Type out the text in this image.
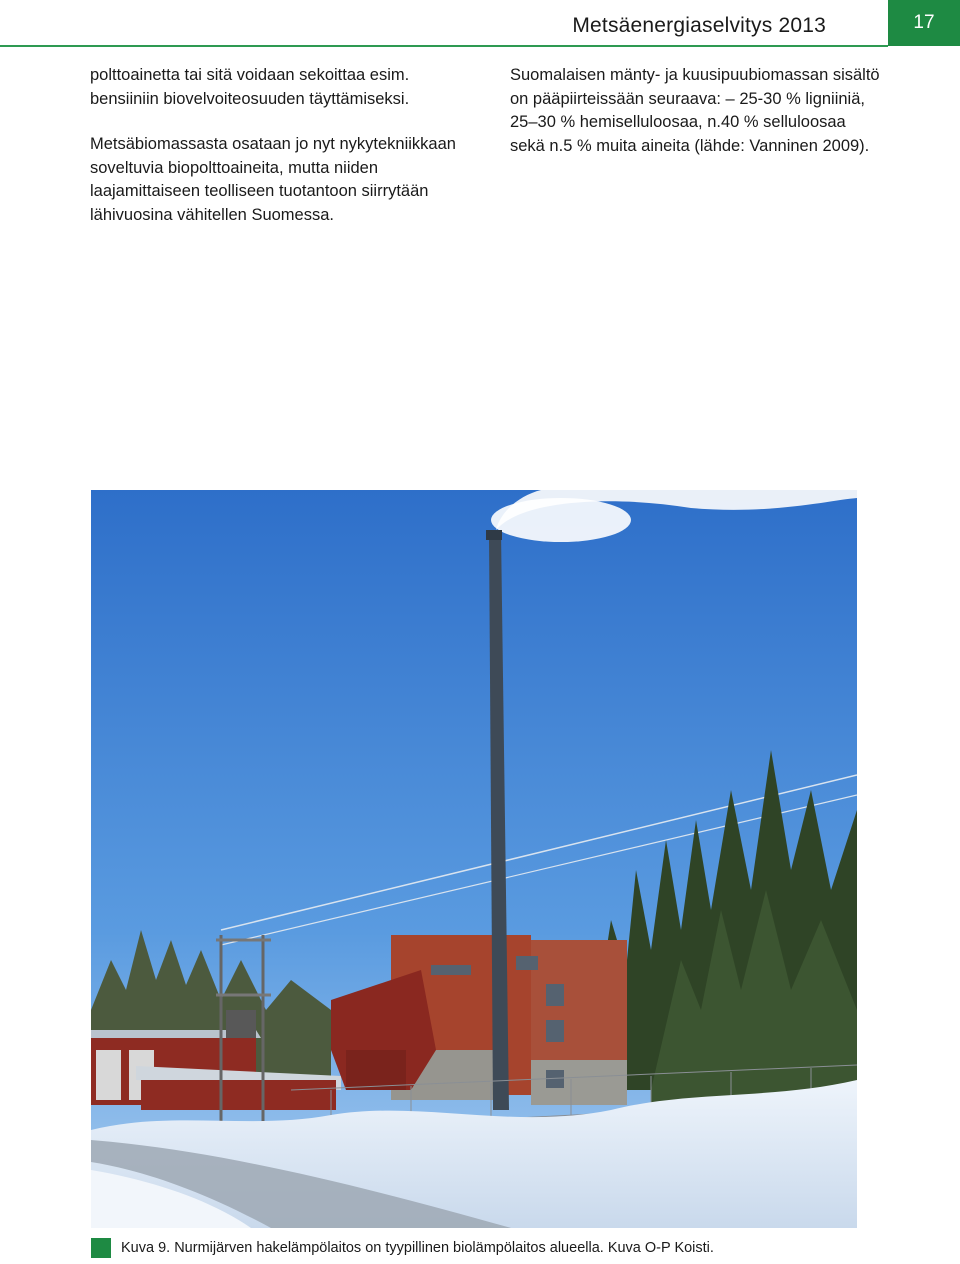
Metsäenergiaselvitys 2013	17

polttoainetta tai sitä voidaan sekoittaa esim. bensiiniin biovelvoiteosuuden täyttämiseksi.

Metsäbiomassasta osataan jo nyt nykytekniikkaan soveltuvia biopolttoaineita, mutta niiden laajamittaiseen teolliseen tuotantoon siirrytään lähivuosina vähitellen Suomessa.

Suomalaisen mänty- ja kuusipuubiomassan sisältö on pääpiirteissään seuraava: – 25-30 % ligniiniä, 25–30 % hemiselluloosaa, n.40 % selluloosaa sekä n.5 % muita aineita (lähde: Vanninen 2009).

Kuva 9. Nurmijärven hakelämpölaitos on tyypillinen biolämpölaitos alueella. Kuva O-P Koisti.
